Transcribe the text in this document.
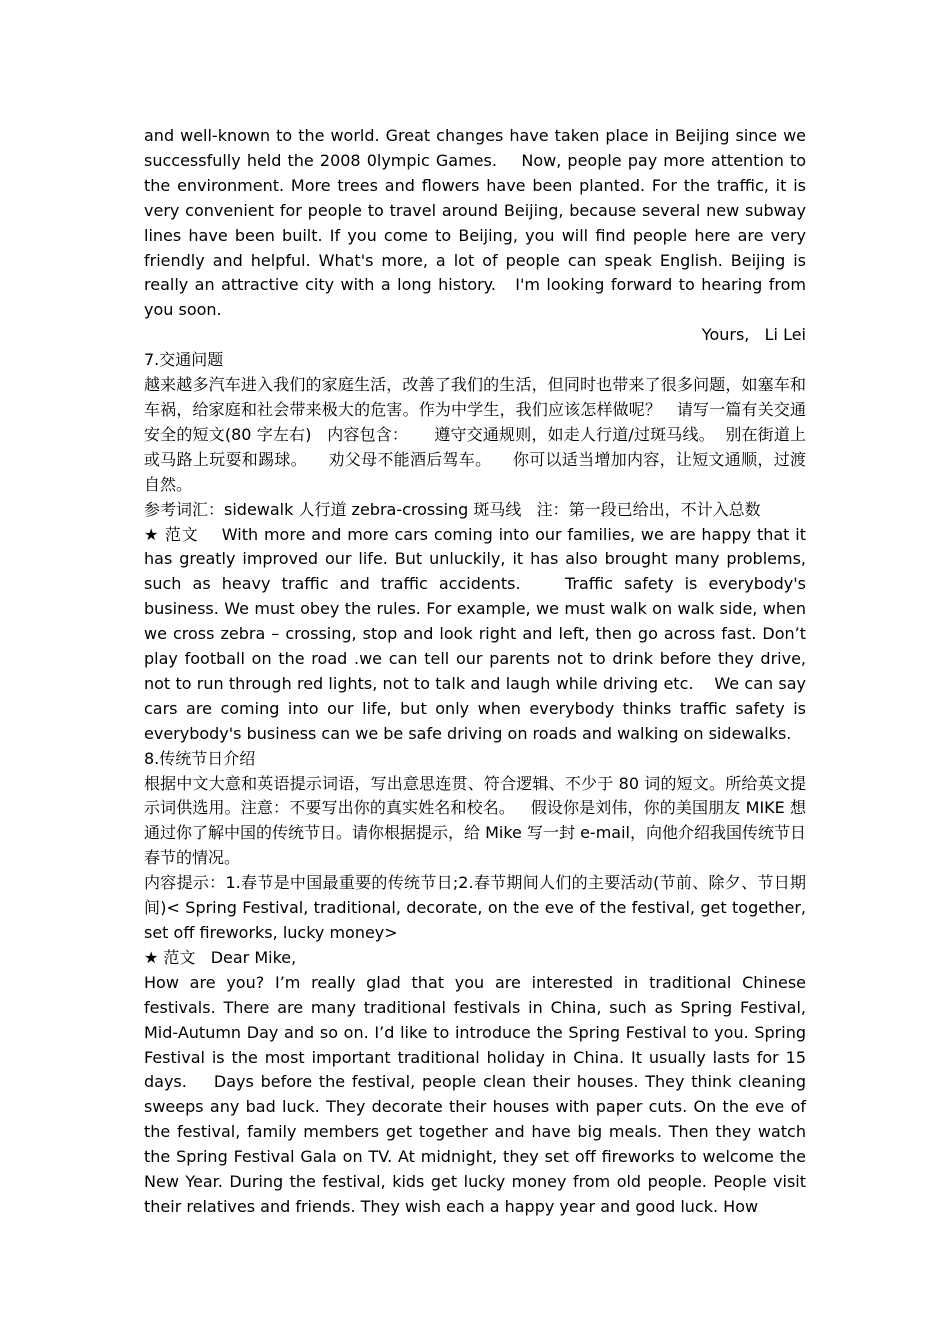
and well-known to the world. Great changes have taken place in Beijing since we successfully held the 2008 0lympic Games.    Now, people pay more attention to the environment. More trees and flowers have been planted. For the traffic, it is very convenient for people to travel around Beijing, because several new subway lines have been built. If you come to Beijing, you will find people here are very friendly and helpful. What's more, a lot of people can speak English. Beijing is really an attractive city with a long history.   I'm looking forward to hearing from you soon.

Yours,   Li Lei

7.交通问题

越来越多汽车进入我们的家庭生活，改善了我们的生活，但同时也带来了很多问题，如塞车和车祸，给家庭和社会带来极大的危害。作为中学生，我们应该怎样做呢？   请写一篇有关交通安全的短文(80 字左右)   内容包含：     遵守交通规则，如走人行道/过斑马线。  别在街道上或马路上玩耍和踢球。    劝父母不能酒后驾车。    你可以适当增加内容，让短文通顺，过渡自然。

参考词汇：sidewalk 人行道 zebra-crossing 斑马线   注：第一段已给出，不计入总数

★ 范文    With more and more cars coming into our families, we are happy that it has greatly improved our life. But unluckily, it has also brought many problems, such as heavy traffic and traffic accidents.    Traffic safety is everybody's business. We must obey the rules. For example, we must walk on walk side, when we cross zebra – crossing, stop and look right and left, then go across fast. Don’t play football on the road .we can tell our parents not to drink before they drive, not to run through red lights, not to talk and laugh while driving etc.    We can say cars are coming into our life, but only when everybody thinks traffic safety is everybody's business can we be safe driving on roads and walking on sidewalks.

8.传统节日介绍

根据中文大意和英语提示词语，写出意思连贯、符合逻辑、不少于 80 词的短文。所给英文提示词供选用。注意：不要写出你的真实姓名和校名。   假设你是刘伟，你的美国朋友 MIKE 想通过你了解中国的传统节日。请你根据提示，给 Mike 写一封 e-mail，向他介绍我国传统节日春节的情况。

内容提示：1.春节是中国最重要的传统节日;2.春节期间人们的主要活动(节前、除夕、节日期间)< Spring Festival, traditional, decorate, on the eve of the festival, get together, set off fireworks, lucky money>

★ 范文   Dear Mike,

How are you? I’m really glad that you are interested in traditional Chinese festivals. There are many traditional festivals in China, such as Spring Festival, Mid-Autumn Day and so on. I’d like to introduce the Spring Festival to you. Spring Festival is the most important traditional holiday in China. It usually lasts for 15 days.    Days before the festival, people clean their houses. They think cleaning sweeps any bad luck. They decorate their houses with paper cuts. On the eve of the festival, family members get together and have big meals. Then they watch the Spring Festival Gala on TV. At midnight, they set off fireworks to welcome the New Year. During the festival, kids get lucky money from old people. People visit their relatives and friends. They wish each a happy year and good luck. How
